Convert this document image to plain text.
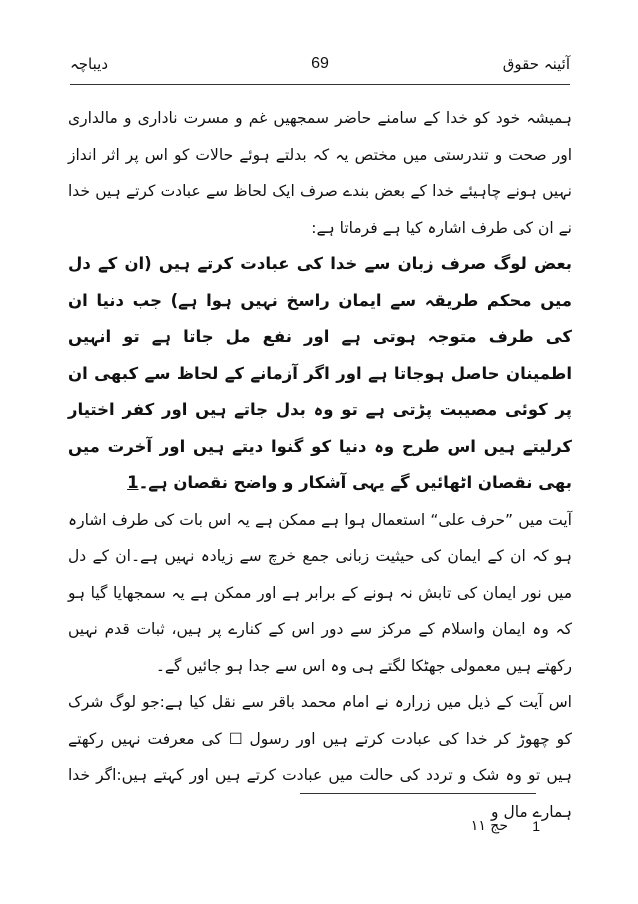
آئینہ حقوق
69
دیباچہ

ہمیشہ خود کو خدا کے سامنے حاضر سمجھیں غم و مسرت ناداری و مالداری اور صحت و تندرستی میں مختص یہ کہ بدلتے ہوئے حالات کو اس پر اثر انداز نہیں ہونے چاہیئے خدا کے بعض بندے صرف ایک لحاظ سے عبادت کرتے ہیں خدا نے ان کی طرف اشارہ کیا ہے فرماتا ہے:

بعض لوگ صرف زبان سے خدا کی عبادت کرتے ہیں (ان کے دل میں محکم طریقہ سے ایمان راسخ نہیں ہوا ہے) جب دنیا ان کی طرف متوجہ ہوتی ہے اور نفع مل جاتا ہے تو انہیں اطمینان حاصل ہوجاتا ہے اور اگر آزمانے کے لحاظ سے کبھی ان پر کوئی مصیبت پڑتی ہے تو وہ بدل جاتے ہیں اور کفر اختیار کرلیتے ہیں اس طرح وہ دنیا کو گنوا دیتے ہیں اور آخرت میں بھی نقصان اٹھائیں گے یہی آشکار و واضح نقصان ہے۔1

آیت میں ”حرف علی“ استعمال ہوا ہے ممکن ہے یہ اس بات کی طرف اشارہ ہو کہ ان کے ایمان کی حیثیت زبانی جمع خرچ سے زیادہ نہیں ہے۔ان کے دل میں نور ایمان کی تابش نہ ہونے کے برابر ہے اور ممکن ہے یہ سمجھایا گیا ہو کہ وہ ایمان واسلام کے مرکز سے دور اس کے کنارے پر ہیں، ثبات قدم نہیں رکھتے ہیں معمولی جھٹکا لگتے ہی وہ اس سے جدا ہو جائیں گے۔

اس آیت کے ذیل میں زرارہ نے امام محمد باقر سے نقل کیا ہے:جو لوگ شرک کو چھوڑ کر خدا کی عبادت کرتے ہیں اور رسول ☐ کی معرفت نہیں رکھتے ہیں تو وہ شک و تردد کی حالت میں عبادت کرتے ہیں اور کہتے ہیں:اگر خدا ہمارے مال و

1
حج ۱۱
